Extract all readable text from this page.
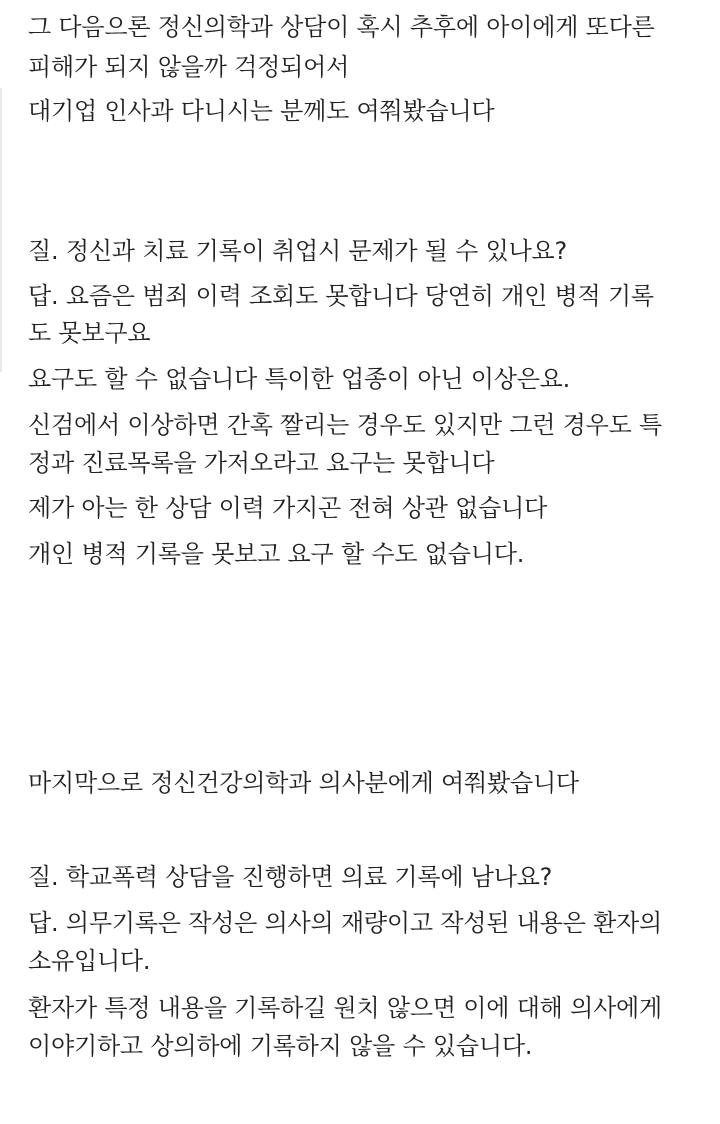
그 다음으론 정신의학과 상담이 혹시 추후에 아이에게 또다른
피해가 되지 않을까 걱정되어서
대기업 인사과 다니시는 분께도 여쭤봤습니다
질. 정신과 치료 기록이 취업시 문제가 될 수 있나요?
답. 요즘은 범죄 이력 조회도 못합니다 당연히 개인 병적 기록
도 못보구요
요구도 할 수 없습니다 특이한 업종이 아닌 이상은요.
신검에서 이상하면 간혹 짤리는 경우도 있지만 그런 경우도 특
정과 진료목록을 가저오라고 요구는 못합니다
제가 아는 한 상담 이력 가지곤 전혀 상관 없습니다
개인 병적 기록을 못보고 요구 할 수도 없습니다.
마지막으로 정신건강의학과 의사분에게 여쭤봤습니다
질. 학교폭력 상담을 진행하면 의료 기록에 남나요?
답. 의무기록은 작성은 의사의 재량이고 작성된 내용은 환자의
소유입니다.
환자가 특정 내용을 기록하길 원치 않으면 이에 대해 의사에게
이야기하고 상의하에 기록하지 않을 수 있습니다.
